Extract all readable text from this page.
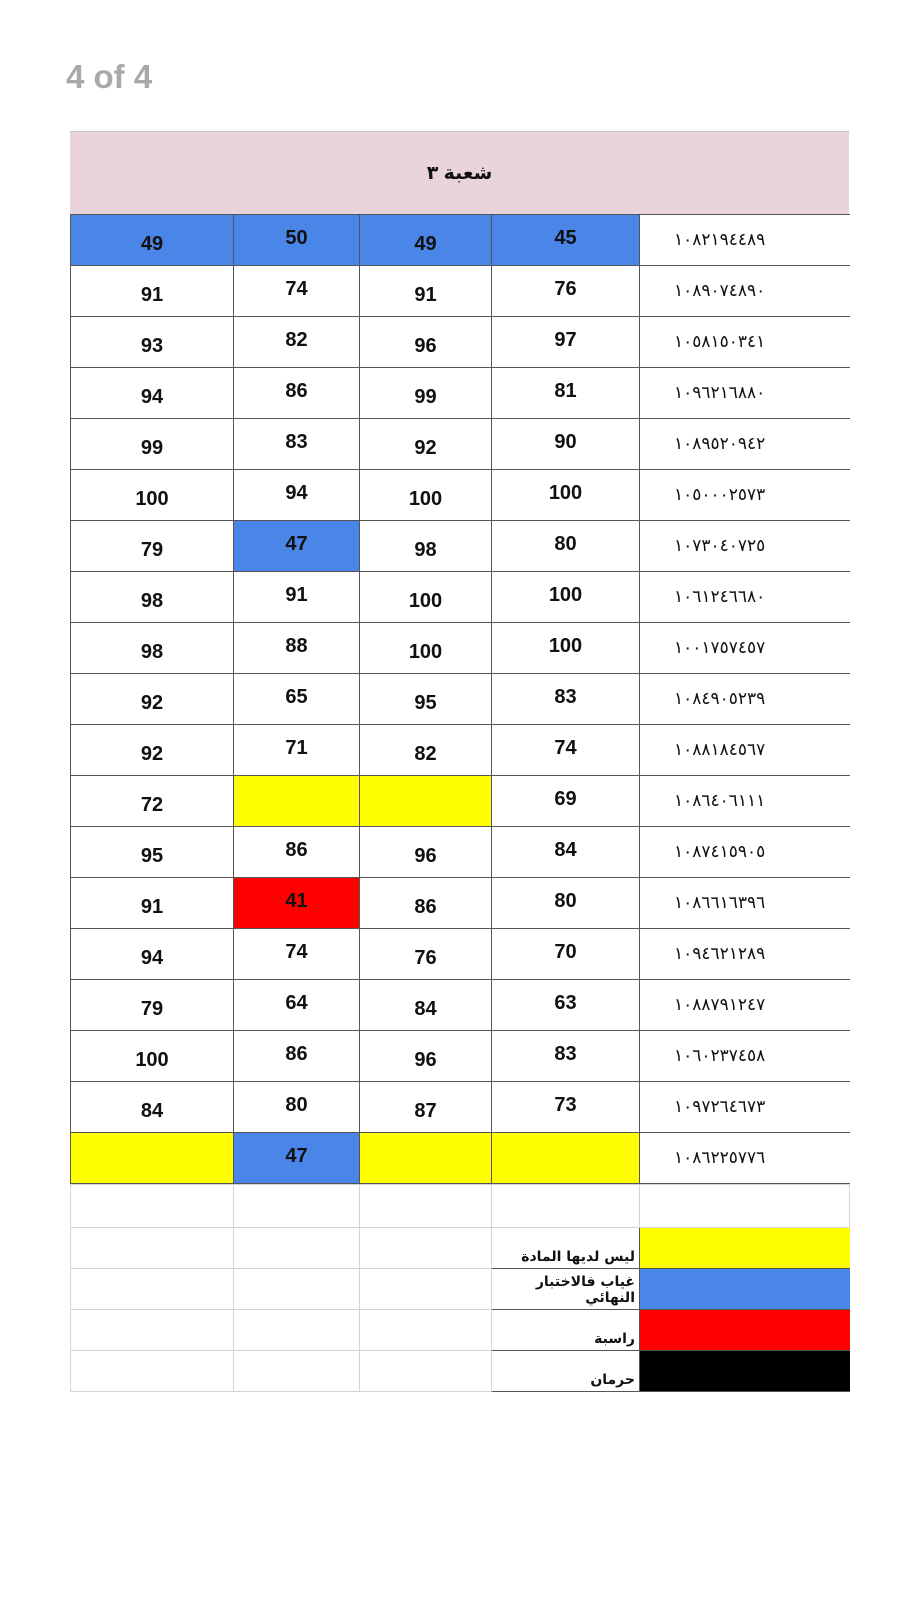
4 of 4
شعبة ٣
49	50	49	45	١٠٨٢١٩٤٤٨٩
91	74	91	76	١٠٨٩٠٧٤٨٩٠
93	82	96	97	١٠٥٨١٥٠٣٤١
94	86	99	81	١٠٩٦٢١٦٨٨٠
99	83	92	90	١٠٨٩٥٢٠٩٤٢
100	94	100	100	١٠٥٠٠٠٢٥٧٣
79	47	98	80	١٠٧٣٠٤٠٧٢٥
98	91	100	100	١٠٦١٢٤٦٦٨٠
98	88	100	100	١٠٠١٧٥٧٤٥٧
92	65	95	83	١٠٨٤٩٠٥٢٣٩
92	71	82	74	١٠٨٨١٨٤٥٦٧
72			69	١٠٨٦٤٠٦١١١
95	86	96	84	١٠٨٧٤١٥٩٠٥
91	41	86	80	١٠٨٦٦١٦٣٩٦
94	74	76	70	١٠٩٤٦٢١٢٨٩
79	64	84	63	١٠٨٨٧٩١٢٤٧
100	86	96	83	١٠٦٠٢٣٧٤٥٨
84	80	87	73	١٠٩٧٢٦٤٦٧٣
	47			١٠٨٦٢٢٥٧٧٦

			ليس لديها المادة	
			غياب فالاختبار النهائي	
			راسبة	
			حرمان	
